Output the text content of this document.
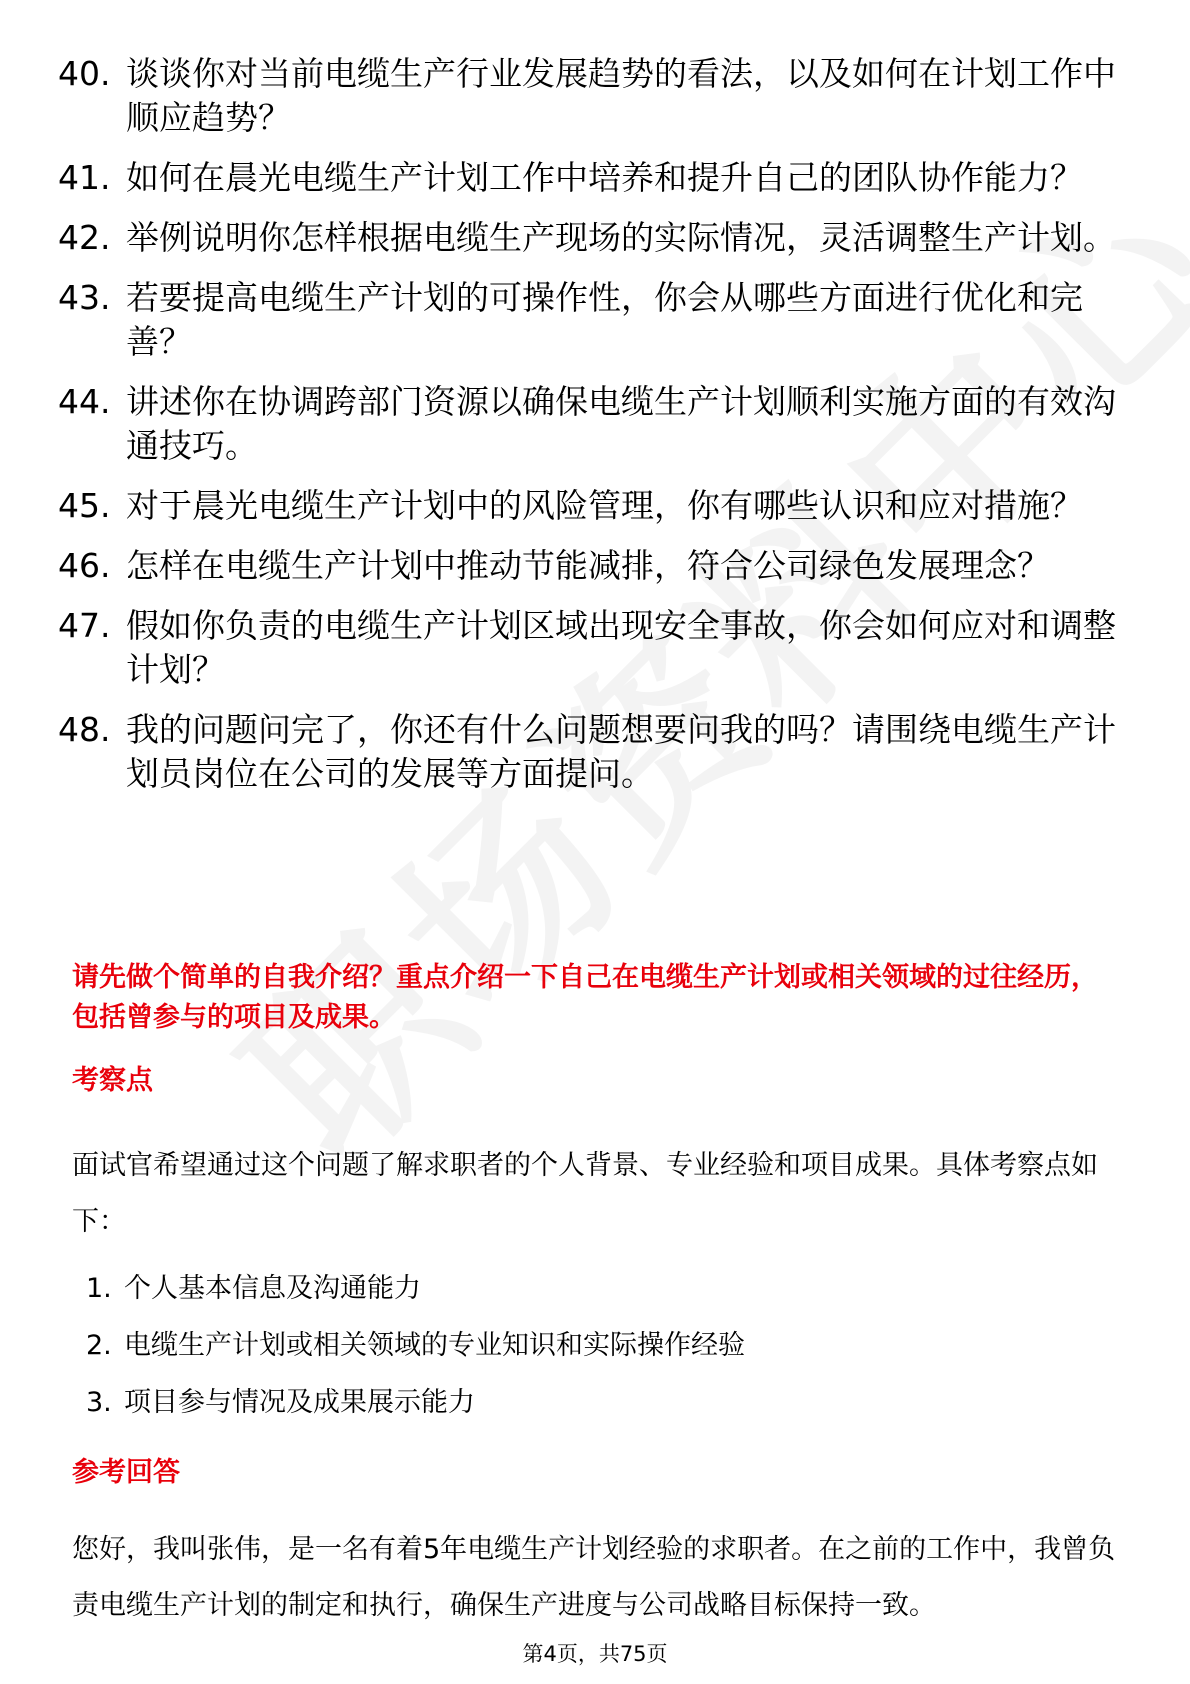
40. 谈谈你对当前电缆生产行业发展趋势的看法，以及如何在计划工作中顺应趋势？
41. 如何在晨光电缆生产计划工作中培养和提升自己的团队协作能力？
42. 举例说明你怎样根据电缆生产现场的实际情况，灵活调整生产计划。
43. 若要提高电缆生产计划的可操作性，你会从哪些方面进行优化和完善？
44. 讲述你在协调跨部门资源以确保电缆生产计划顺利实施方面的有效沟通技巧。
45. 对于晨光电缆生产计划中的风险管理，你有哪些认识和应对措施？
46. 怎样在电缆生产计划中推动节能减排，符合公司绿色发展理念？
47. 假如你负责的电缆生产计划区域出现安全事故，你会如何应对和调整计划？
48. 我的问题问完了，你还有什么问题想要问我的吗？请围绕电缆生产计划员岗位在公司的发展等方面提问。

请先做个简单的自我介绍？重点介绍一下自己在电缆生产计划或相关领域的过往经历，包括曾参与的项目及成果。

考察点

面试官希望通过这个问题了解求职者的个人背景、专业经验和项目成果。具体考察点如下：

1. 个人基本信息及沟通能力
2. 电缆生产计划或相关领域的专业知识和实际操作经验
3. 项目参与情况及成果展示能力

参考回答

您好，我叫张伟，是一名有着5年电缆生产计划经验的求职者。在之前的工作中，我曾负责电缆生产计划的制定和执行，确保生产进度与公司战略目标保持一致。

第4页，共75页
